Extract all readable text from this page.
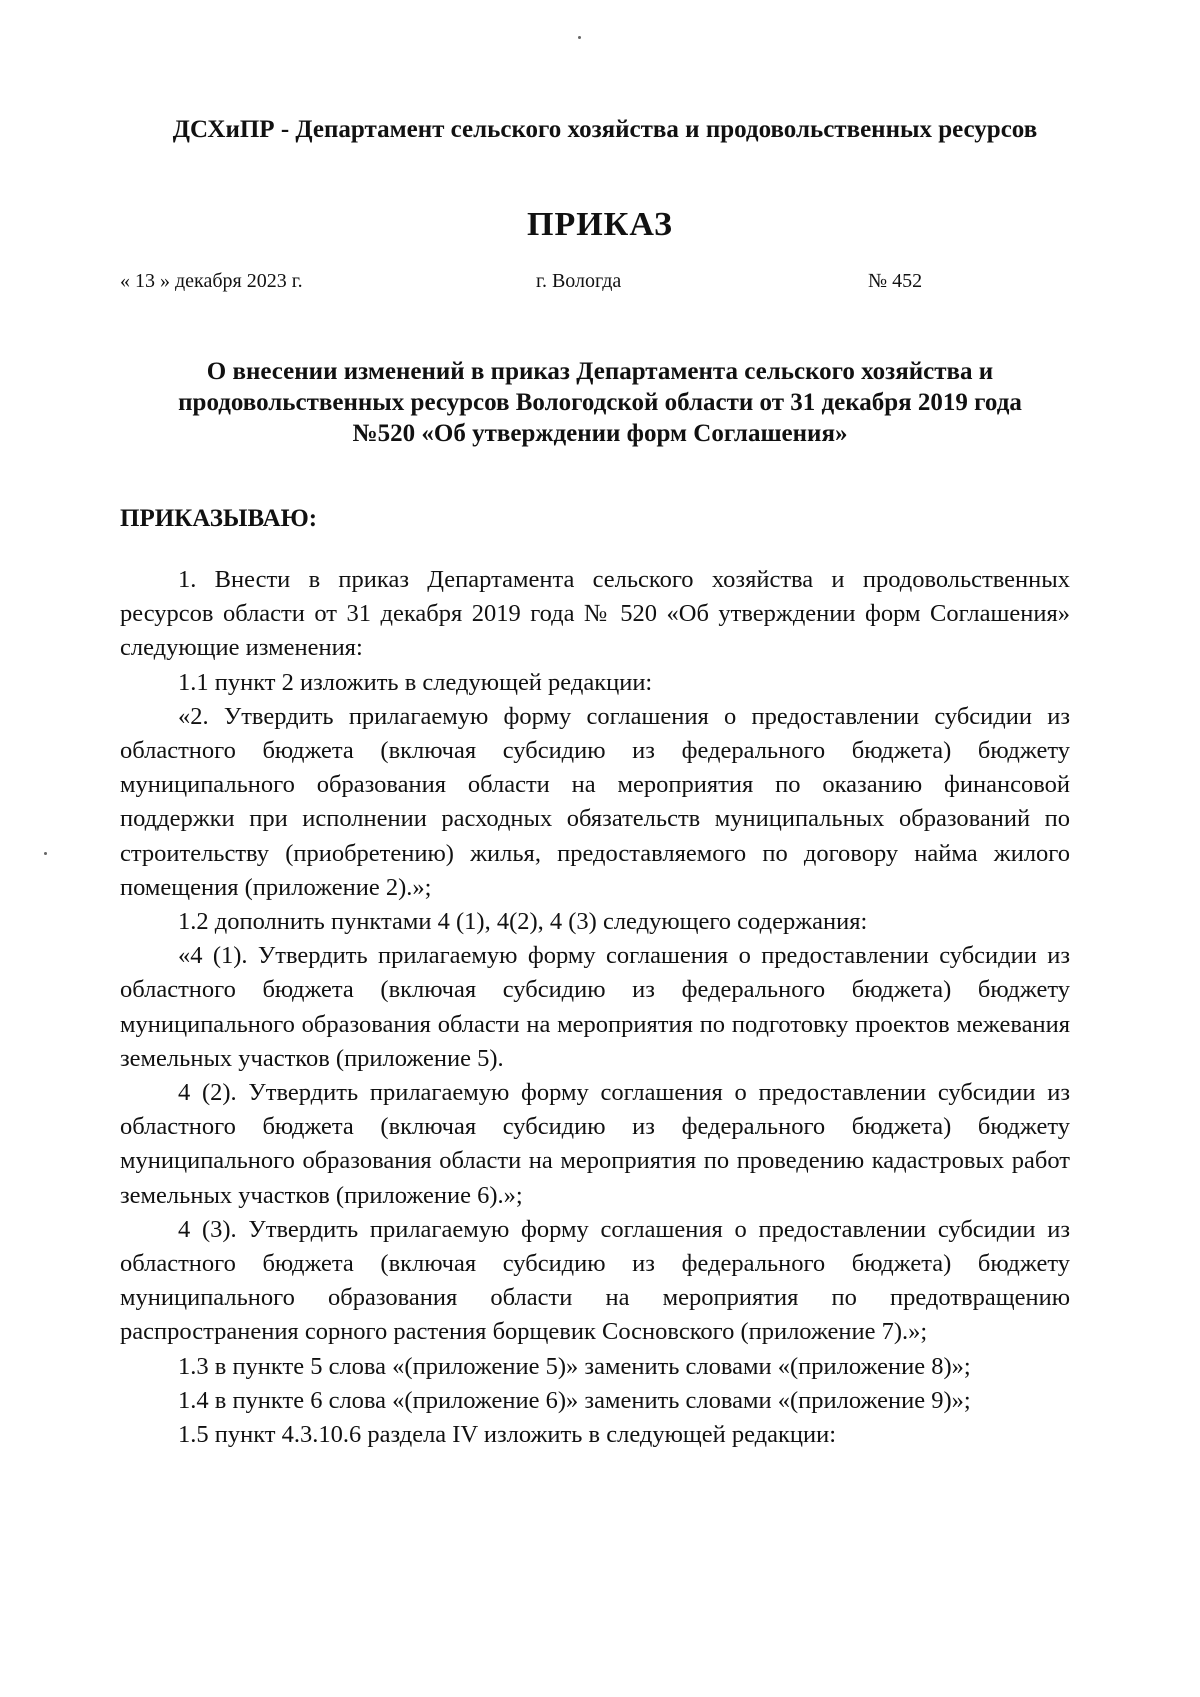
ДСХиПР - Департамент сельского хозяйства и продовольственных ресурсов
ПРИКАЗ
« 13 » декабря 2023 г.	г. Вологда	№ 452
О внесении изменений в приказ Департамента сельского хозяйства и
продовольственных ресурсов Вологодской области от 31 декабря 2019 года
№520 «Об утверждении форм Соглашения»
ПРИКАЗЫВАЮ:

1. Внести в приказ Департамента сельского хозяйства и продовольственных ресурсов области от 31 декабря 2019 года № 520 «Об утверждении форм Соглашения» следующие изменения:

1.1 пункт 2 изложить в следующей редакции:

«2. Утвердить прилагаемую форму соглашения о предоставлении субсидии из областного бюджета (включая субсидию из федерального бюджета) бюджету муниципального образования области на мероприятия по оказанию финансовой поддержки при исполнении расходных обязательств муниципальных образований по строительству (приобретению) жилья, предоставляемого по договору найма жилого помещения (приложение 2).»;

1.2 дополнить пунктами 4 (1), 4(2), 4 (3) следующего содержания:

«4 (1). Утвердить прилагаемую форму соглашения о предоставлении субсидии из областного бюджета (включая субсидию из федерального бюджета) бюджету муниципального образования области на мероприятия по подготовку проектов межевания земельных участков (приложение 5).

4 (2). Утвердить прилагаемую форму соглашения о предоставлении субсидии из областного бюджета (включая субсидию из федерального бюджета) бюджету муниципального образования области на мероприятия по проведению кадастровых работ земельных участков (приложение 6).»;

4 (3). Утвердить прилагаемую форму соглашения о предоставлении субсидии из областного бюджета (включая субсидию из федерального бюджета) бюджету муниципального образования области на мероприятия по предотвращению распространения сорного растения борщевик Сосновского (приложение 7).»;

1.3 в пункте 5 слова «(приложение 5)» заменить словами «(приложение 8)»;

1.4 в пункте 6 слова «(приложение 6)» заменить словами «(приложение 9)»;

1.5 пункт 4.3.10.6 раздела IV изложить в следующей редакции:
